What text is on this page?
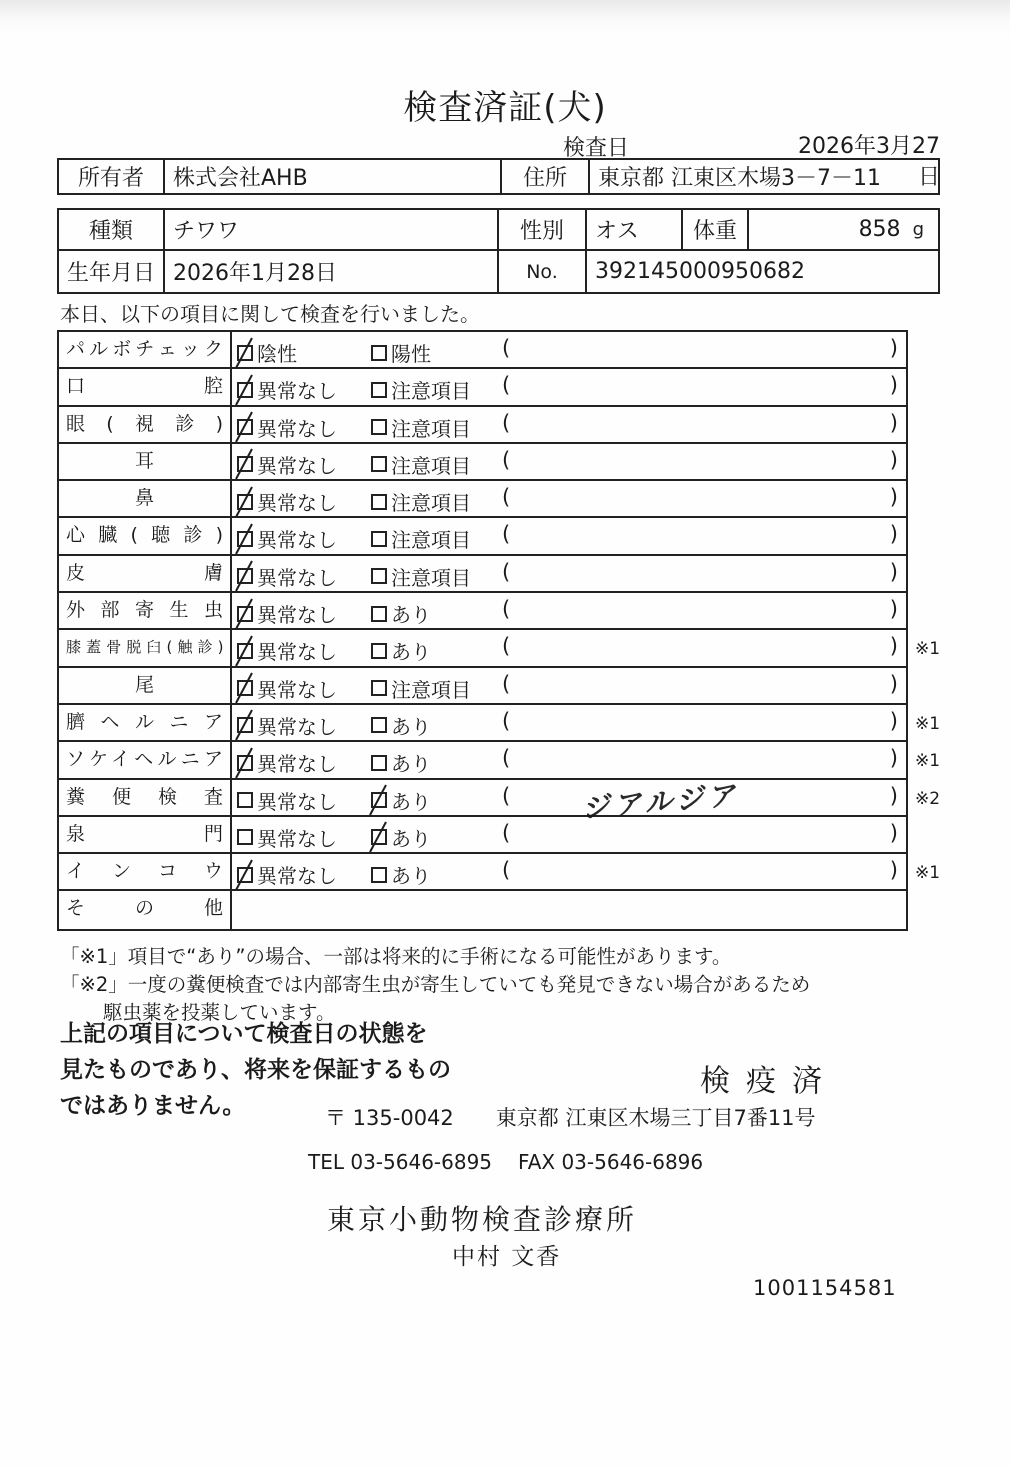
検査済証(犬)
検査日	2026年3月27日
所有者	株式会社AHB	住所	東京都 江東区木場3－7－11
種類	チワワ	性別	オス	体重	858 g
生年月日 2026年1月28日	No.	392145000950682
本日、以下の項目に関して検査を行いました。
パルボチェック	陰性	陽性	(	)
口腔	異常なし	注意項目 (	)
眼(視診)	異常なし	注意項目 (	)
耳	異常なし	注意項目 (	)
鼻	異常なし	注意項目 (	)
心臓(聴診)	異常なし	注意項目 (	)
皮膚	異常なし	注意項目 (	)
外部寄生虫	異常なし	あり	(	)
膝蓋骨脱臼(触診)	異常なし	あり	(	) ※1
尾	異常なし	注意項目 (	)
臍ヘルニア	異常なし	あり	(	) ※1
ソケイヘルニア	異常なし	あり	(	) ※1
糞便検査	異常なし	あり	(	ジアルジア	) ※2
泉門	異常なし	あり	(	)
インコウ	異常なし	あり	(	) ※1
その他
「※1」項目で“あり”の場合、一部は将来的に手術になる可能性があります。
「※2」一度の糞便検査では内部寄生虫が寄生していても発見できない場合があるため
駆虫薬を投薬しています。
上記の項目について検査日の状態を
見たものであり、将来を保証するもの
ではありません。
検疫済
〒 135-0042 東京都 江東区木場三丁目7番11号
TEL 03-5646-6895 FAX 03-5646-6896
東京小動物検査診療所
中村 文香
1001154581
